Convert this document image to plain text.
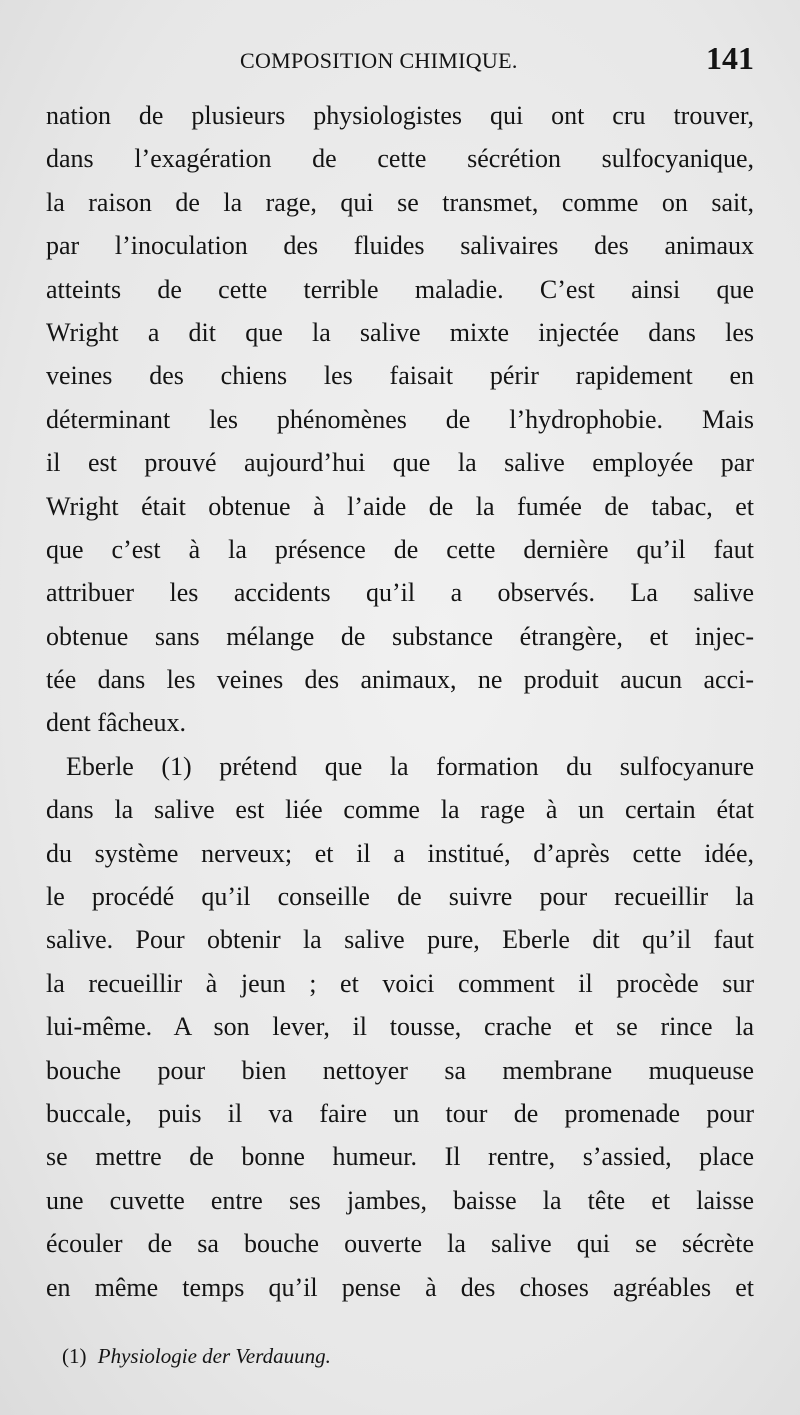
COMPOSITION CHIMIQUE.	141
nation de plusieurs physiologistes qui ont cru trouver,
dans l’exagération de cette sécrétion sulfocyanique,
la raison de la rage, qui se transmet, comme on sait,
par l’inoculation des fluides salivaires des animaux
atteints de cette terrible maladie. C’est ainsi que
Wright a dit que la salive mixte injectée dans les
veines des chiens les faisait périr rapidement en
déterminant les phénomènes de l’hydrophobie. Mais
il est prouvé aujourd’hui que la salive employée par
Wright était obtenue à l’aide de la fumée de tabac, et
que c’est à la présence de cette dernière qu’il faut
attribuer les accidents qu’il a observés. La salive
obtenue sans mélange de substance étrangère, et injec-
tée dans les veines des animaux, ne produit aucun acci-
dent fâcheux.
Eberle (1) prétend que la formation du sulfocyanure
dans la salive est liée comme la rage à un certain état
du système nerveux; et il a institué, d’après cette idée,
le procédé qu’il conseille de suivre pour recueillir la
salive. Pour obtenir la salive pure, Eberle dit qu’il faut
la recueillir à jeun ; et voici comment il procède sur
lui-même. A son lever, il tousse, crache et se rince la
bouche pour bien nettoyer sa membrane muqueuse
buccale, puis il va faire un tour de promenade pour
se mettre de bonne humeur. Il rentre, s’assied, place
une cuvette entre ses jambes, baisse la tête et laisse
écouler de sa bouche ouverte la salive qui se sécrète
en même temps qu’il pense à des choses agréables et
(1) Physiologie der Verdauung.
